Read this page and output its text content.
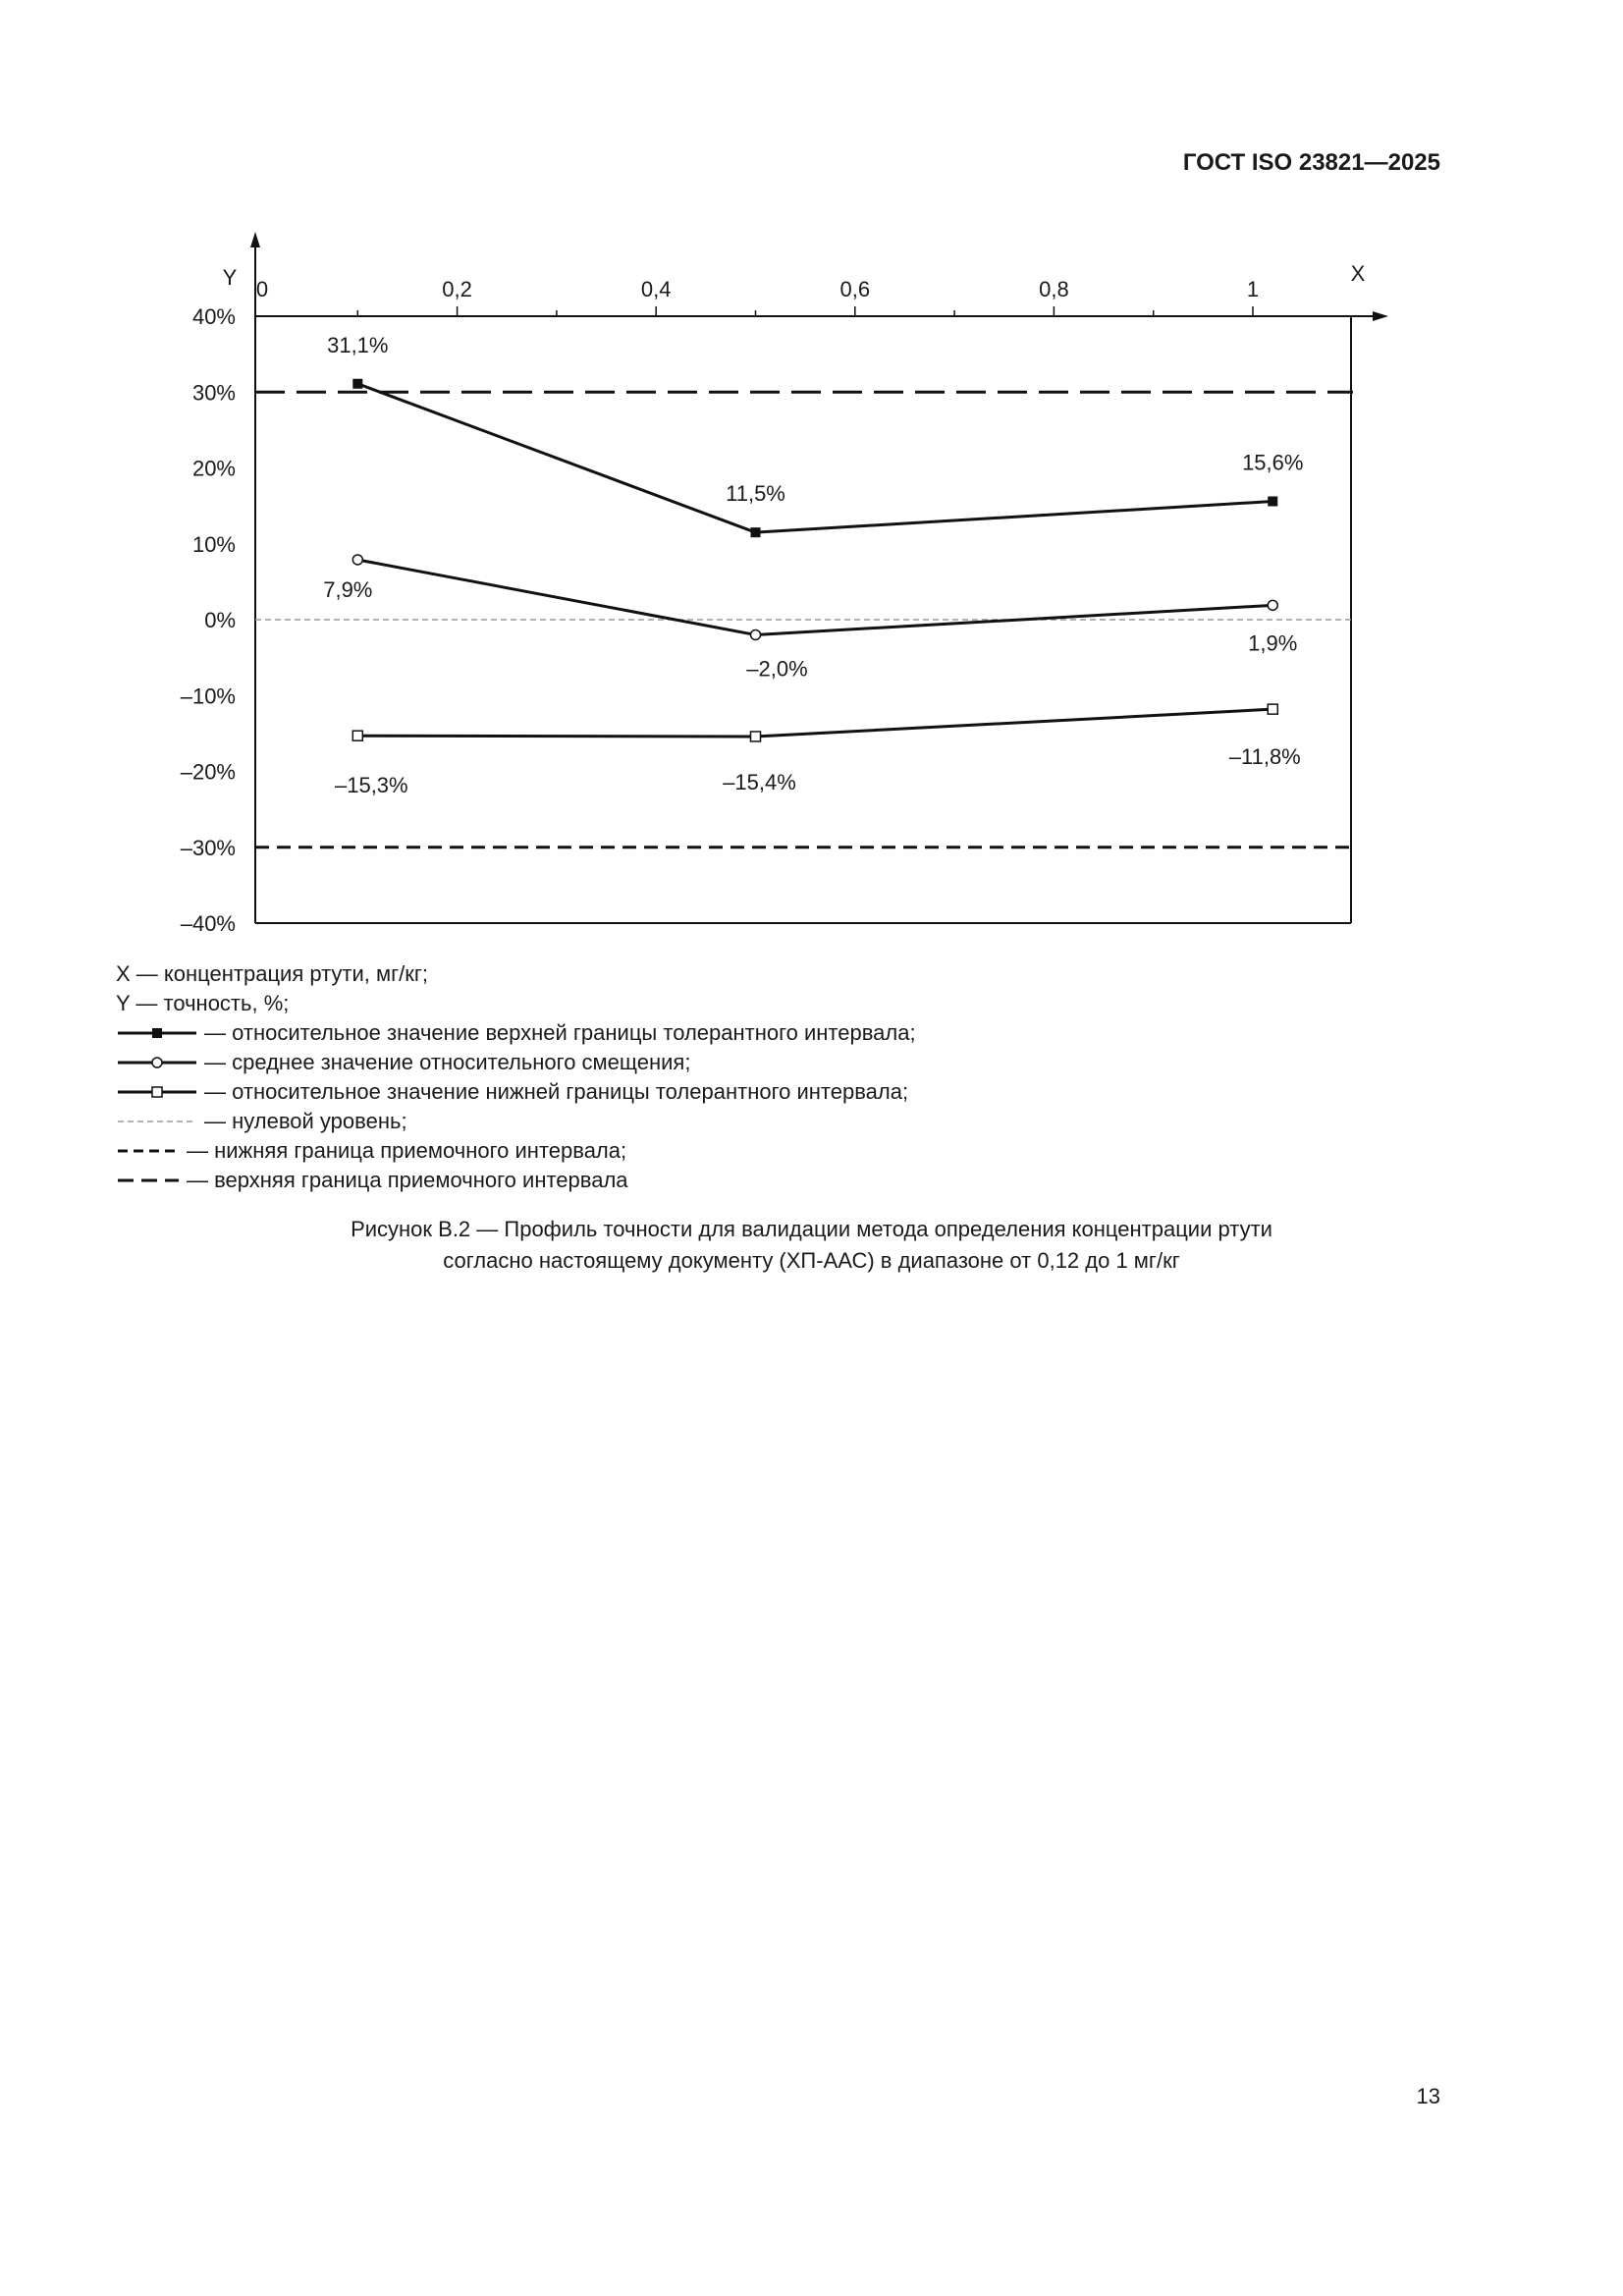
ГОСТ ISO 23821—2025
0	0,2	0,4	0,6	0,8	1
X
Y
40%
30%
20%
10%
0%
–10%
–20%
–30%
–40%
31,1%
11,5%
15,6%
7,9%
–2,0%
1,9%
–15,3%	–15,4%
–11,8%
X — концентрация ртути, мг/кг;
Y — точность, %;
— относительное значение верхней границы толерантного интервала;
— среднее значение относительного смещения;
— относительное значение нижней границы толерантного интервала;
— нулевой уровень;
— нижняя граница приемочного интервала;
— верхняя граница приемочного интервала
Рисунок В.2 — Профиль точности для валидации метода определения концентрации ртути
согласно настоящему документу (ХП-ААС) в диапазоне от 0,12 до 1 мг/кг
13
